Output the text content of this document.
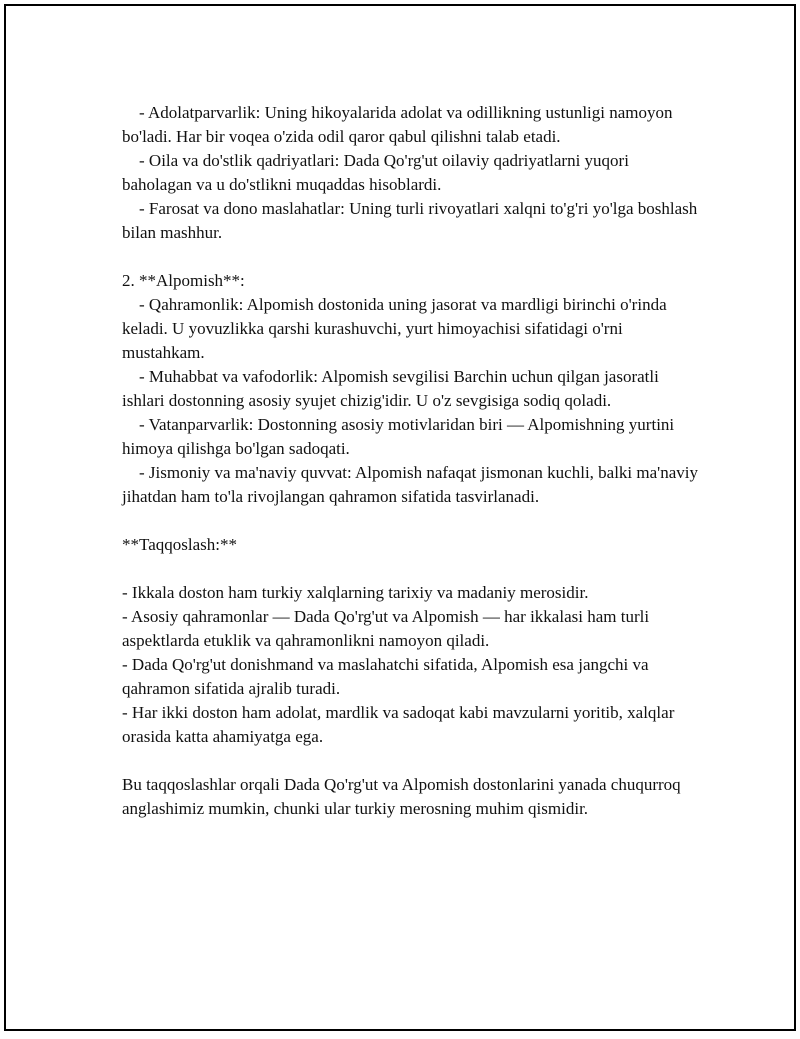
- Adolatparvarlik: Uning hikoyalarida adolat va odillikning ustunligi namoyon bo'ladi. Har bir voqea o'zida odil qaror qabul qilishni talab etadi.

- Oila va do'stlik qadriyatlari: Dada Qo'rg'ut oilaviy qadriyatlarni yuqori baholagan va u do'stlikni muqaddas hisoblardi.

- Farosat va dono maslahatlar: Uning turli rivoyatlari xalqni to'g'ri yo'lga boshlash bilan mashhur.

2. **Alpomish**:

- Qahramonlik: Alpomish dostonida uning jasorat va mardligi birinchi o'rinda keladi. U yovuzlikka qarshi kurashuvchi, yurt himoyachisi sifatidagi o'rni mustahkam.

- Muhabbat va vafodorlik: Alpomish sevgilisi Barchin uchun qilgan jasoratli ishlari dostonning asosiy syujet chizig'idir. U o'z sevgisiga sodiq qoladi.

- Vatanparvarlik: Dostonning asosiy motivlaridan biri — Alpomishning yurtini himoya qilishga bo'lgan sadoqati.

- Jismoniy va ma'naviy quvvat: Alpomish nafaqat jismonan kuchli, balki ma'naviy jihatdan ham to'la rivojlangan qahramon sifatida tasvirlanadi.

**Taqqoslash:**

- Ikkala doston ham turkiy xalqlarning tarixiy va madaniy merosidir.

- Asosiy qahramonlar — Dada Qo'rg'ut va Alpomish — har ikkalasi ham turli aspektlarda etuklik va qahramonlikni namoyon qiladi.

- Dada Qo'rg'ut donishmand va maslahatchi sifatida, Alpomish esa jangchi va qahramon sifatida ajralib turadi.

- Har ikki doston ham adolat, mardlik va sadoqat kabi mavzularni yoritib, xalqlar orasida katta ahamiyatga ega.

Bu taqqoslashlar orqali Dada Qo'rg'ut va Alpomish dostonlarini yanada chuqurroq anglashimiz mumkin, chunki ular turkiy merosning muhim qismidir.
